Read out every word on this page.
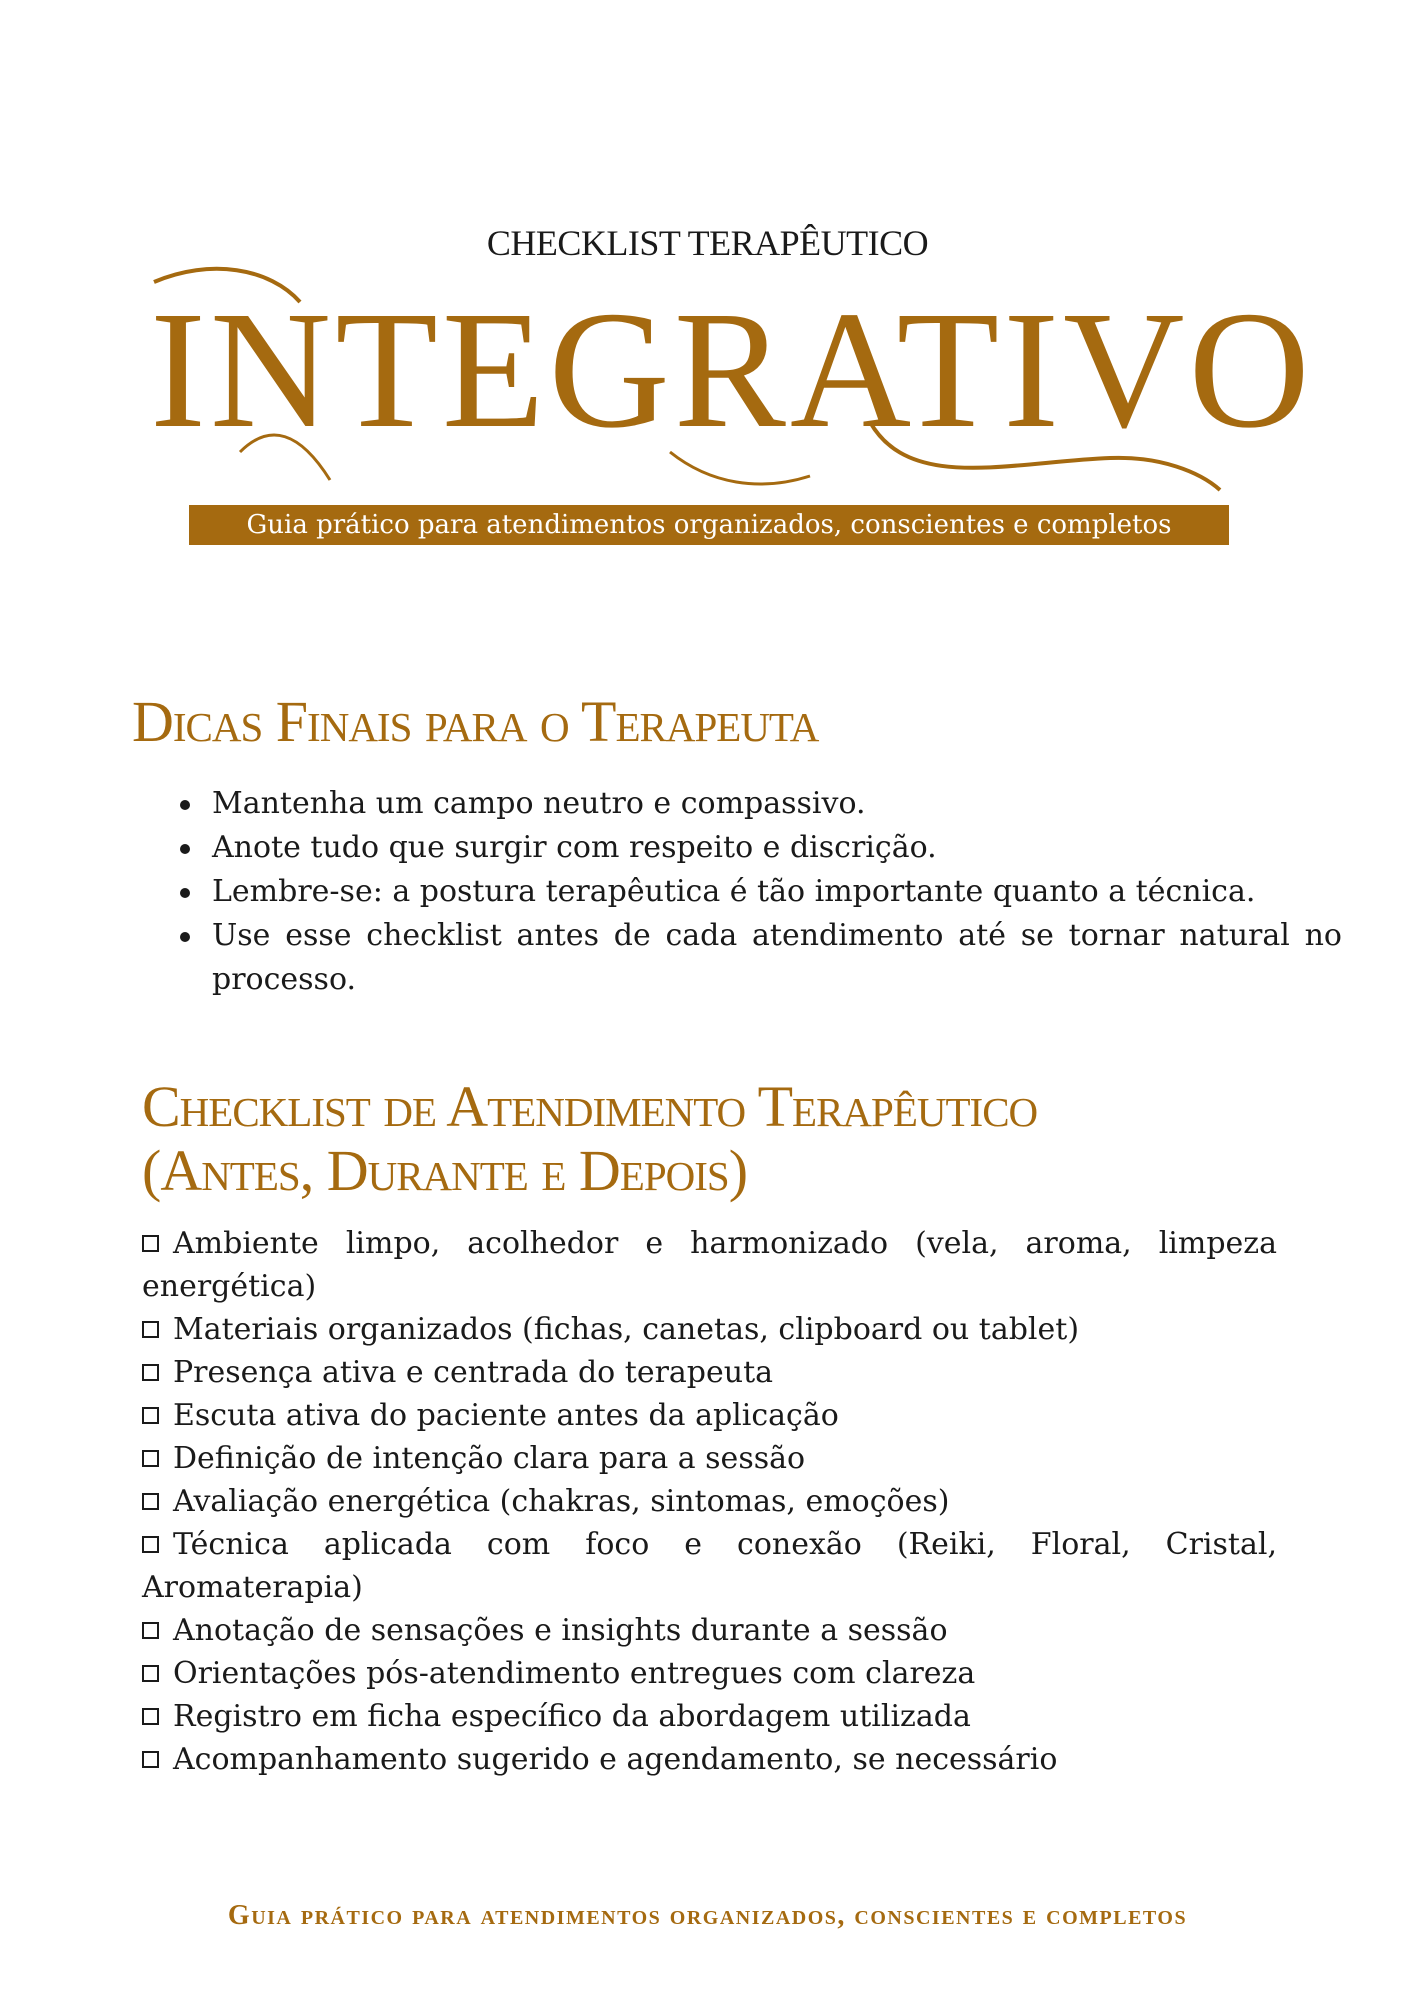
CHECKLIST TERAPÊUTICO
INTEGRATIVO
Guia prático para atendimentos organizados, conscientes e completos
Dicas Finais para o Terapeuta
Mantenha um campo neutro e compassivo.
Anote tudo que surgir com respeito e discrição.
Lembre-se: a postura terapêutica é tão importante quanto a técnica.
Use esse checklist antes de cada atendimento até se tornar natural no processo.
Checklist de Atendimento Terapêutico
(Antes, Durante e Depois)
Ambiente limpo, acolhedor e harmonizado (vela, aroma, limpeza energética)
Materiais organizados (fichas, canetas, clipboard ou tablet)
Presença ativa e centrada do terapeuta
Escuta ativa do paciente antes da aplicação
Definição de intenção clara para a sessão
Avaliação energética (chakras, sintomas, emoções)
Técnica aplicada com foco e conexão (Reiki, Floral, Cristal, Aromaterapia)
Anotação de sensações e insights durante a sessão
Orientações pós-atendimento entregues com clareza
Registro em ficha específico da abordagem utilizada
Acompanhamento sugerido e agendamento, se necessário
Guia prático para atendimentos organizados, conscientes e completos
